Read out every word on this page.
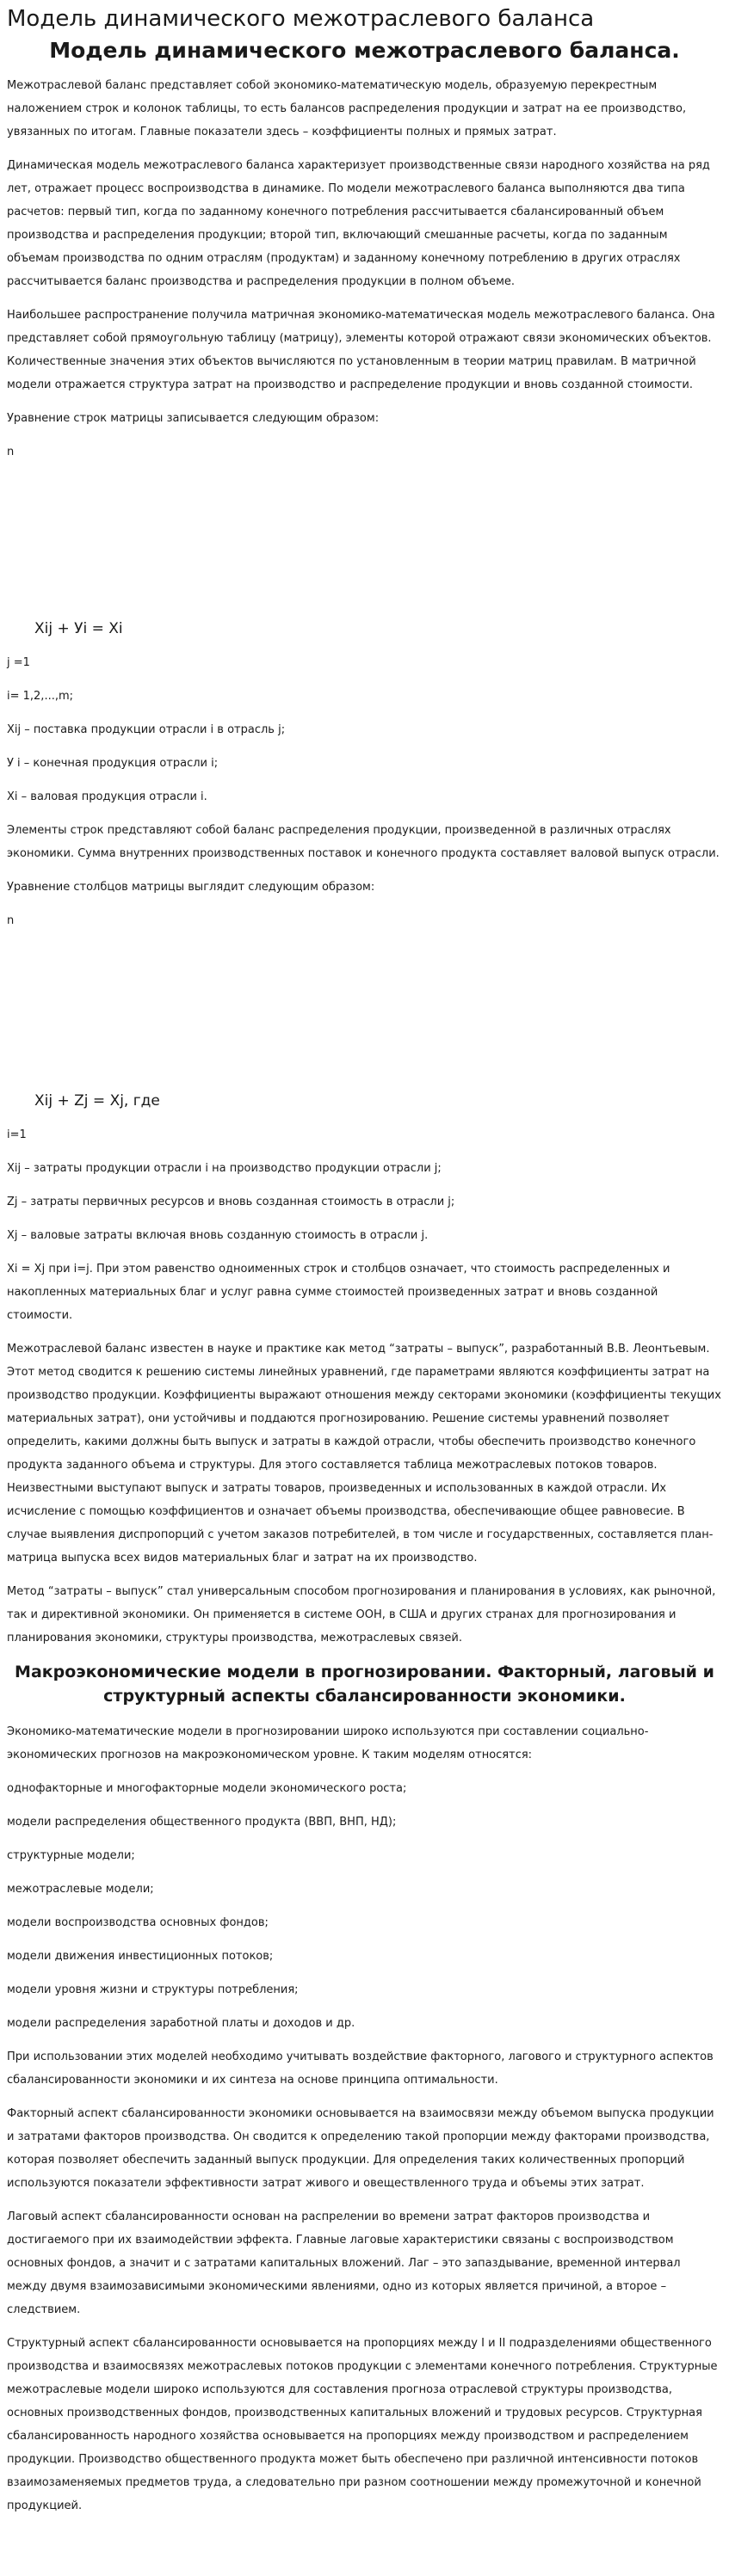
Модель динамического межотраслевого баланса
Модель динамического межотраслевого баланса.

Межотраслевой баланс представляет собой экономико-математическую модель, образуемую перекрестным наложением строк и колонок таблицы, то есть балансов распределения продукции и затрат на ее производство, увязанных по итогам. Главные показатели здесь – коэффициенты полных и прямых затрат.

Динамическая модель межотраслевого баланса характеризует производственные связи народного хозяйства на ряд лет, отражает процесс воспроизводства в динамике. По модели межотраслевого баланса выполняются два типа расчетов: первый тип, когда по заданному конечного потребления рассчитывается сбалансированный объем производства и распределения продукции; второй тип, включающий смешанные расчеты, когда по заданным объемам производства по одним отраслям (продуктам) и заданному конечному потреблению в других отраслях рассчитывается баланс производства и распределения продукции в полном объеме.

Наибольшее распространение получила матричная экономико-математическая модель межотраслевого баланса. Она представляет собой прямоугольную таблицу (матрицу), элементы которой отражают связи экономических объектов. Количественные значения этих объектов вычисляются по установленным в теории матриц правилам. В матричной модели отражается структура затрат на производство и распределение продукции и вновь созданной стоимости.

Уравнение строк матрицы записывается следующим образом:

n

Xij + Уi = Xi

j =1

i= 1,2,...,m;

Xij – поставка продукции отрасли i в отрасль j;

У i – конечная продукция отрасли i;

Xi – валовая продукция отрасли i.

Элементы строк представляют собой баланс распределения продукции, произведенной в различных отраслях экономики. Сумма внутренних производственных поставок и конечного продукта составляет валовой выпуск отрасли.

Уравнение столбцов матрицы выглядит следующим образом:

n

Xij + Zj = Xj, где

i=1

Xij – затраты продукции отрасли i на производство продукции отрасли j;

Zj – затраты первичных ресурсов и вновь созданная стоимость в отрасли j;

Xj – валовые затраты включая вновь созданную стоимость в отрасли j.

Xi = Xj при i=j. При этом равенство одноименных строк и столбцов означает, что стоимость распределенных и накопленных материальных благ и услуг равна сумме стоимостей произведенных затрат и вновь созданной стоимости.

Межотраслевой баланс известен в науке и практике как метод “затраты – выпуск”, разработанный В.В. Леонтьевым. Этот метод сводится к решению системы линейных уравнений, где параметрами являются коэффициенты затрат на производство продукции. Коэффициенты выражают отношения между секторами экономики (коэффициенты текущих материальных затрат), они устойчивы и поддаются прогнозированию. Решение системы уравнений позволяет определить, какими должны быть выпуск и затраты в каждой отрасли, чтобы обеспечить производство конечного продукта заданного объема и структуры. Для этого составляется таблица межотраслевых потоков товаров. Неизвестными выступают выпуск и затраты товаров, произведенных и использованных в каждой отрасли. Их исчисление с помощью коэффициентов и означает объемы производства, обеспечивающие общее равновесие. В случае выявления диспропорций с учетом заказов потребителей, в том числе и государственных, составляется план-матрица выпуска всех видов материальных благ и затрат на их производство.

Метод “затраты – выпуск” стал универсальным способом прогнозирования и планирования в условиях, как рыночной, так и директивной экономики. Он применяется в системе ООН, в США и других странах для прогнозирования и планирования экономики, структуры производства, межотраслевых связей.

Макроэкономические модели в прогнозировании. Факторный, лаговый и структурный аспекты сбалансированности экономики.

Экономико-математические модели в прогнозировании широко используются при составлении социально-экономических прогнозов на макроэкономическом уровне. К таким моделям относятся:

однофакторные и многофакторные модели экономического роста;

модели распределения общественного продукта (ВВП, ВНП, НД);

структурные модели;

межотраслевые модели;

модели воспроизводства основных фондов;

модели движения инвестиционных потоков;

модели уровня жизни и структуры потребления;

модели распределения заработной платы и доходов и др.

При использовании этих моделей необходимо учитывать воздействие факторного, лагового и структурного аспектов сбалансированности экономики и их синтеза на основе принципа оптимальности.

Факторный аспект сбалансированности экономики основывается на взаимосвязи между объемом выпуска продукции и затратами факторов производства. Он сводится к определению такой пропорции между факторами производства, которая позволяет обеспечить заданный выпуск продукции. Для определения таких количественных пропорций используются показатели эффективности затрат живого и овеществленного труда и объемы этих затрат.

Лаговый аспект сбалансированности основан на распрелении во времени затрат факторов производства и достигаемого при их взаимодействии эффекта. Главные лаговые характеристики связаны с воспроизводством основных фондов, а значит и с затратами капитальных вложений. Лаг – это запаздывание, временной интервал между двумя взаимозависимыми экономическими явлениями, одно из которых является причиной, а второе – следствием.

Структурный аспект сбалансированности основывается на пропорциях между I и II подразделениями общественного производства и взаимосвязях межотраслевых потоков продукции с элементами конечного потребления. Структурные межотраслевые модели широко используются для составления прогноза отраслевой структуры производства, основных производственных фондов, производственных капитальных вложений и трудовых ресурсов. Структурная сбалансированность народного хозяйства основывается на пропорциях между производством и распределением продукции. Производство общественного продукта может быть обеспечено при различной интенсивности потоков взаимозаменяемых предметов труда, а следовательно при разном соотношении между промежуточной и конечной продукцией.
